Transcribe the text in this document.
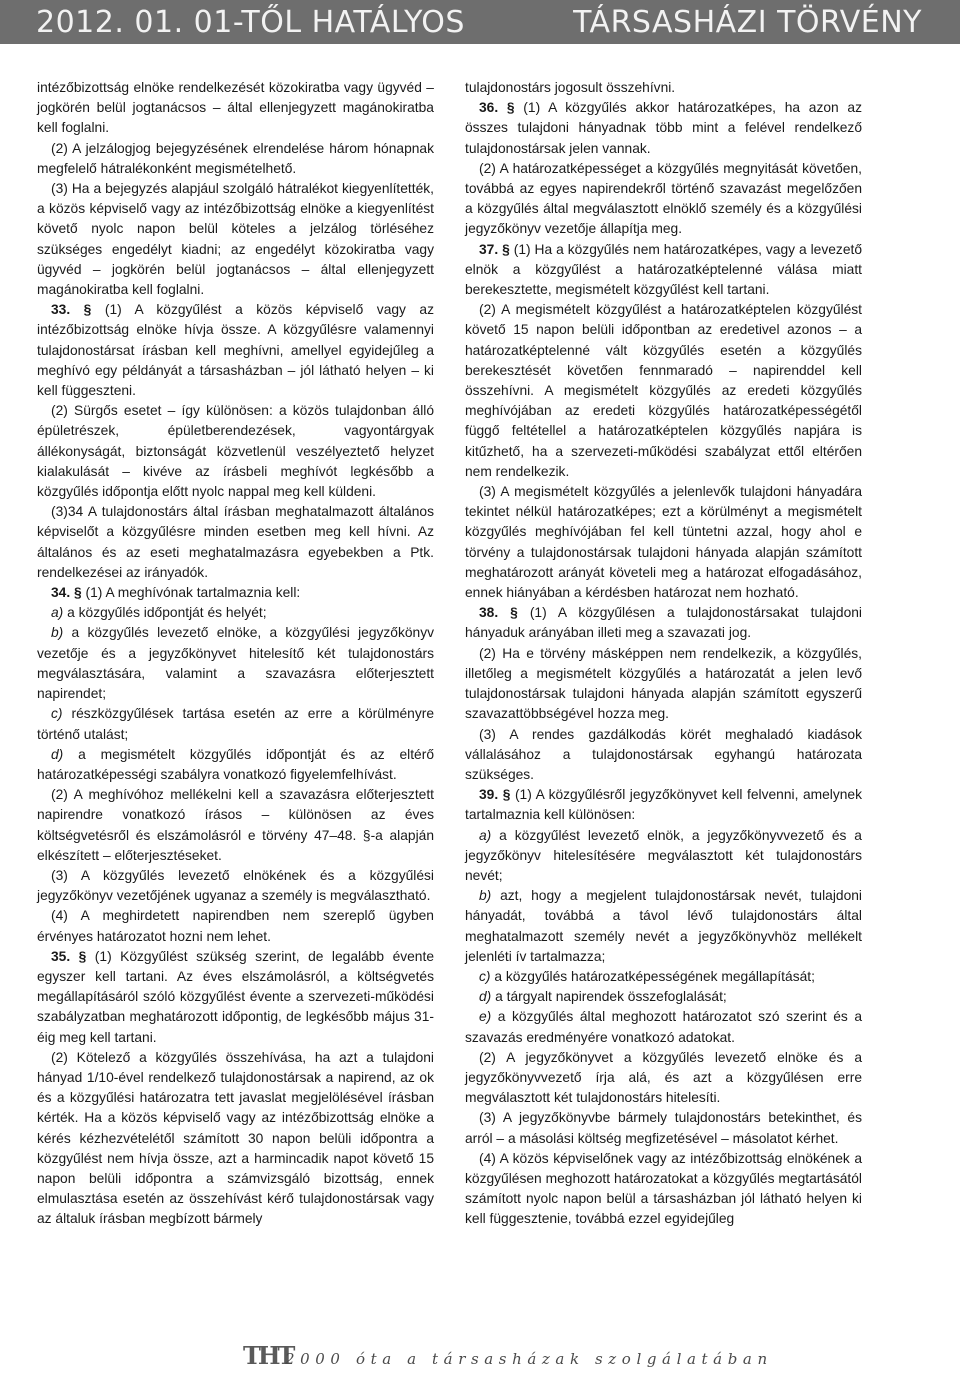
2012. 01. 01-TŐL HATÁLYOS	TÁRSASHÁZI TÖRVÉNY

intézőbizottság elnöke rendelkezését közokiratba vagy ügyvéd – jogkörén belül jogtanácsos – által ellenjegyzett magánokiratba kell foglalni.

(2) A jelzálogjog bejegyzésének elrendelése három hónapnak megfelelő hátralékonként megismételhető.

(3) Ha a bejegyzés alapjául szolgáló hátralékot kiegyenlítették, a közös képviselő vagy az intézőbizottság elnöke a kiegyenlítést követő nyolc napon belül köteles a jelzálog törléséhez szükséges engedélyt kiadni; az engedélyt közokiratba vagy ügyvéd – jogkörén belül jogtanácsos – által ellenjegyzett magánokiratba kell foglalni.

33. § (1) A közgyűlést a közös képviselő vagy az intézőbizottság elnöke hívja össze. A közgyűlésre valamennyi tulajdonostársat írásban kell meghívni, amellyel egyidejűleg a meghívó egy példányát a társasházban – jól látható helyen – ki kell függeszteni.

(2) Sürgős esetet – így különösen: a közös tulajdonban álló épületrészek, épületberendezések, vagyontárgyak állékonyságát, biztonságát közvetlenül veszélyeztető helyzet kialakulását – kivéve az írásbeli meghívót legkésőbb a közgyűlés időpontja előtt nyolc nappal meg kell küldeni.

(3)34 A tulajdonostárs által írásban meghatalmazott általános képviselőt a közgyűlésre minden esetben meg kell hívni. Az általános és az eseti meghatalmazásra egyebekben a Ptk. rendelkezései az irányadók.

34. § (1) A meghívónak tartalmaznia kell:

a) a közgyűlés időpontját és helyét;

b) a közgyűlés levezető elnöke, a közgyűlési jegyzőkönyv vezetője és a jegyzőkönyvet hitelesítő két tulajdonostárs megválasztására, valamint a szavazásra előterjesztett napirendet;

c) részközgyűlések tartása esetén az erre a körülményre történő utalást;

d) a megismételt közgyűlés időpontját és az eltérő határozatképességi szabályra vonatkozó figyelemfelhívást.

(2) A meghívóhoz mellékelni kell a szavazásra előterjesztett napirendre vonatkozó írásos – különösen az éves költségvetésről és elszámolásról e törvény 47–48. §-a alapján elkészített – előterjesztéseket.

(3) A közgyűlés levezető elnökének és a közgyűlési jegyzőkönyv vezetőjének ugyanaz a személy is megválasztható.

(4) A meghirdetett napirendben nem szereplő ügyben érvényes határozatot hozni nem lehet.

35. § (1) Közgyűlést szükség szerint, de legalább évente egyszer kell tartani. Az éves elszámolásról, a költségvetés megállapításáról szóló közgyűlést évente a szervezeti-működési szabályzatban meghatározott időpontig, de legkésőbb május 31-éig meg kell tartani.

(2) Kötelező a közgyűlés összehívása, ha azt a tulajdoni hányad 1/10-ével rendelkező tulajdonostársak a napirend, az ok és a közgyűlési határozatra tett javaslat megjelölésével írásban kérték. Ha a közös képviselő vagy az intézőbizottság elnöke a kérés kézhezvételétől számított 30 napon belüli időpontra a közgyűlést nem hívja össze, azt a harmincadik napot követő 15 napon belüli időpontra a számvizsgáló bizottság, ennek elmulasztása esetén az összehívást kérő tulajdonostársak vagy az általuk írásban megbízott bármely

tulajdonostárs jogosult összehívni.

36. § (1) A közgyűlés akkor határozatképes, ha azon az összes tulajdoni hányadnak több mint a felével rendelkező tulajdonostársak jelen vannak.

(2) A határozatképességet a közgyűlés megnyitását követően, továbbá az egyes napirendekről történő szavazást megelőzően a közgyűlés által megválasztott elnöklő személy és a közgyűlési jegyzőkönyv vezetője állapítja meg.

37. § (1) Ha a közgyűlés nem határozatképes, vagy a levezető elnök a közgyűlést a határozatképtelenné válása miatt berekesztette, megismételt közgyűlést kell tartani.

(2) A megismételt közgyűlést a határozatképtelen közgyűlést követő 15 napon belüli időpontban az eredetivel azonos – a határozatképtelenné vált közgyűlés esetén a közgyűlés berekesztését követően fennmaradó – napirenddel kell összehívni. A megismételt közgyűlés az eredeti közgyűlés meghívójában az eredeti közgyűlés határozatképességétől függő feltétellel a határozatképtelen közgyűlés napjára is kitűzhető, ha a szervezeti-működési szabályzat ettől eltérően nem rendelkezik.

(3) A megismételt közgyűlés a jelenlevők tulajdoni hányadára tekintet nélkül határozatképes; ezt a körülményt a megismételt közgyűlés meghívójában fel kell tüntetni azzal, hogy ahol e törvény a tulajdonostársak tulajdoni hányada alapján számított meghatározott arányát követeli meg a határozat elfogadásához, ennek hiányában a kérdésben határozat nem hozható.

38. § (1) A közgyűlésen a tulajdonostársakat tulajdoni hányaduk arányában illeti meg a szavazati jog.

(2) Ha e törvény másképpen nem rendelkezik, a közgyűlés, illetőleg a megismételt közgyűlés a határozatát a jelen levő tulajdonostársak tulajdoni hányada alapján számított egyszerű szavazattöbbségével hozza meg.

(3) A rendes gazdálkodás körét meghaladó kiadások vállalásához a tulajdonostársak egyhangú határozata szükséges.

39. § (1) A közgyűlésről jegyzőkönyvet kell felvenni, amelynek tartalmaznia kell különösen:

a) a közgyűlést levezető elnök, a jegyzőkönyvvezető és a jegyzőkönyv hitelesítésére megválasztott két tulajdonostárs nevét;

b) azt, hogy a megjelent tulajdonostársak nevét, tulajdoni hányadát, továbbá a távol lévő tulajdonostárs által meghatalmazott személy nevét a jegyzőkönyvhöz mellékelt jelenléti ív tartalmazza;

c) a közgyűlés határozatképességének megállapítását;

d) a tárgyalt napirendek összefoglalását;

e) a közgyűlés által meghozott határozatot szó szerint és a szavazás eredményére vonatkozó adatokat.

(2) A jegyzőkönyvet a közgyűlés levezető elnöke és a jegyzőkönyvvezető írja alá, és azt a közgyűlésen erre megválasztott két tulajdonostárs hitelesíti.

(3) A jegyzőkönyvbe bármely tulajdonostárs betekinthet, és arról – a másolási költség megfizetésével – másolatot kérhet.

(4) A közös képviselőnek vagy az intézőbizottság elnökének a közgyűlésen meghozott határozatokat a közgyűlés megtartásától számított nyolc napon belül a társasházban jól látható helyen ki kell függesztenie, továbbá ezzel egyidejűleg

THT
2000 óta a társasházak szolgálatában
